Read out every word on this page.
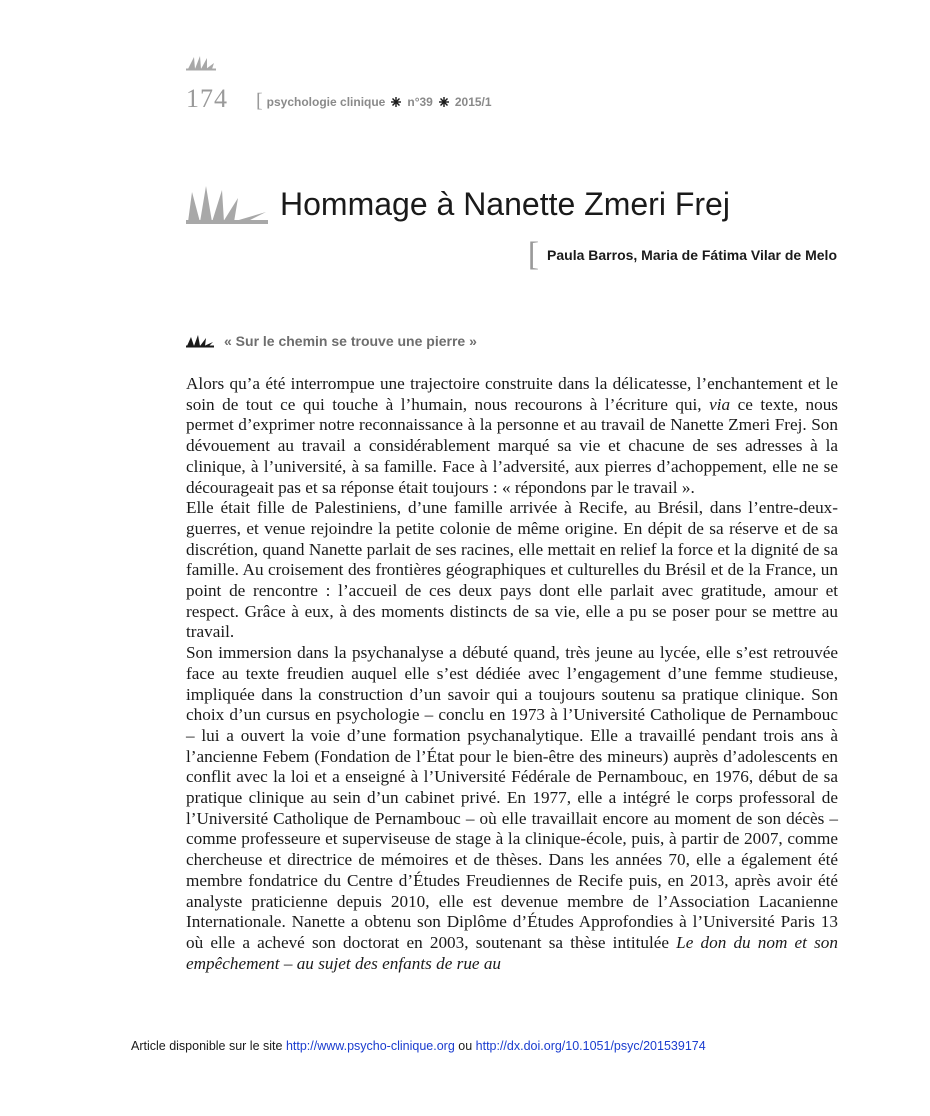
174 [ psychologie clinique n°39 2015/1
Hommage à Nanette Zmeri Frej
[ Paula Barros, Maria de Fátima Vilar de Melo
« Sur le chemin se trouve une pierre »

Alors qu’a été interrompue une trajectoire construite dans la délicatesse, l’enchantement et le soin de tout ce qui touche à l’humain, nous recourons à l’écriture qui, via ce texte, nous permet d’exprimer notre reconnaissance à la personne et au travail de Nanette Zmeri Frej. Son dévouement au travail a considérablement marqué sa vie et chacune de ses adresses à la clinique, à l’université, à sa famille. Face à l’adversité, aux pierres d’achoppement, elle ne se décourageait pas et sa réponse était toujours : « répondons par le travail ».

Elle était fille de Palestiniens, d’une famille arrivée à Recife, au Brésil, dans l’entre-deux-guerres, et venue rejoindre la petite colonie de même origine. En dépit de sa réserve et de sa discrétion, quand Nanette parlait de ses racines, elle mettait en relief la force et la dignité de sa famille. Au croisement des frontières géographiques et culturelles du Brésil et de la France, un point de rencontre : l’accueil de ces deux pays dont elle parlait avec gratitude, amour et respect. Grâce à eux, à des moments distincts de sa vie, elle a pu se poser pour se mettre au travail.

Son immersion dans la psychanalyse a débuté quand, très jeune au lycée, elle s’est retrouvée face au texte freudien auquel elle s’est dédiée avec l’engagement d’une femme studieuse, impliquée dans la construction d’un savoir qui a toujours soutenu sa pratique clinique. Son choix d’un cursus en psychologie – conclu en 1973 à l’Université Catholique de Pernambouc – lui a ouvert la voie d’une formation psychanalytique. Elle a travaillé pendant trois ans à l’ancienne Febem (Fondation de l’État pour le bien-être des mineurs) auprès d’adolescents en conflit avec la loi et a enseigné à l’Université Fédérale de Pernambouc, en 1976, début de sa pratique clinique au sein d’un cabinet privé. En 1977, elle a intégré le corps professoral de l’Université Catholique de Pernambouc – où elle travaillait encore au moment de son décès – comme professeure et superviseuse de stage à la clinique-école, puis, à partir de 2007, comme chercheuse et directrice de mémoires et de thèses. Dans les années 70, elle a également été membre fondatrice du Centre d’Études Freudiennes de Recife puis, en 2013, après avoir été analyste praticienne depuis 2010, elle est devenue membre de l’Association Lacanienne Internationale. Nanette a obtenu son Diplôme d’Études Approfondies à l’Université Paris 13 où elle a achevé son doctorat en 2003, soutenant sa thèse intitulée Le don du nom et son empêchement – au sujet des enfants de rue au

Article disponible sur le site http://www.psycho-clinique.org ou http://dx.doi.org/10.1051/psyc/201539174
